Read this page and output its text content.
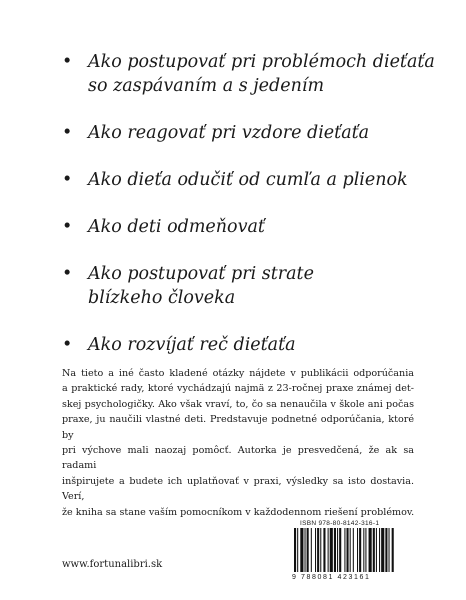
• Ako postupovať pri problémoch dieťaťa
so zaspávaním a s jedením
• Ako reagovať pri vzdore dieťaťa
• Ako dieťa odučiť od cumľa a plienok
• Ako deti odmeňovať
• Ako postupovať pri strate
blízkeho človeka
• Ako rozvíjať reč dieťaťa
Na tieto a iné často kladené otázky nájdete v publikácii odporúčania
a praktické rady, ktoré vychádzajú najmä z 23-ročnej praxe známej det-
skej psychologičky. Ako však vraví, to, čo sa nenaučila v škole ani počas
praxe, ju naučili vlastné deti. Predstavuje podnetné odporúčania, ktoré by
pri výchove mali naozaj pomôcť. Autorka je presvedčená, že ak sa radami
inšpirujete a budete ich uplatňovať v praxi, výsledky sa isto dostavia. Verí,
že kniha sa stane vaším pomocníkom v každodennom riešení problémov.
ISBN 978-80-8142-316-1
9 788081 423161
www.fortunalibri.sk
